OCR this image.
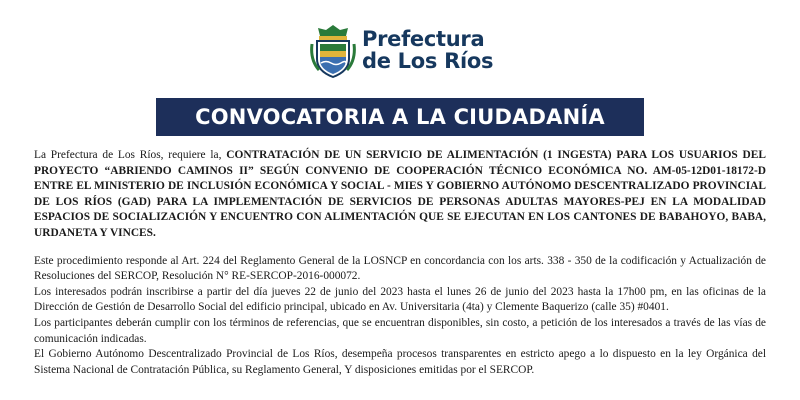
Prefectura
de Los Ríos
CONVOCATORIA A LA CIUDADANÍA

La Prefectura de Los Ríos, requiere la, CONTRATACIÓN DE UN SERVICIO DE ALIMENTACIÓN (1 INGESTA) PARA LOS USUARIOS DEL PROYECTO “ABRIENDO CAMINOS II” SEGÚN CONVENIO DE COOPERACIÓN TÉCNICO ECONÓMICA NO. AM-05-12D01-18172-D ENTRE EL MINISTERIO DE INCLUSIÓN ECONÓMICA Y SOCIAL - MIES Y GOBIERNO AUTÓNOMO DESCENTRALIZADO PROVINCIAL DE LOS RÍOS (GAD) PARA LA IMPLEMENTACIÓN DE SERVICIOS DE PERSONAS ADULTAS MAYORES-PEJ EN LA MODALIDAD ESPACIOS DE SOCIALIZACIÓN Y ENCUENTRO CON ALIMENTACIÓN QUE SE EJECUTAN EN LOS CANTONES DE BABAHOYO, BABA, URDANETA Y VINCES.

Este procedimiento responde al Art. 224 del Reglamento General de la LOSNCP en concordancia con los arts. 338 - 350 de la codificación y Actualización de Resoluciones del SERCOP, Resolución N° RE-SERCOP-2016-000072.

Los interesados podrán inscribirse a partir del día jueves 22 de junio del 2023 hasta el lunes 26 de junio del 2023 hasta la 17h00 pm, en las oficinas de la Dirección de Gestión de Desarrollo Social del edificio principal, ubicado en Av. Universitaria (4ta) y Clemente Baquerizo (calle 35) #0401.

Los participantes deberán cumplir con los términos de referencias, que se encuentran disponibles, sin costo, a petición de los interesados a través de las vías de comunicación indicadas.

El Gobierno Autónomo Descentralizado Provincial de Los Ríos, desempeña procesos transparentes en estricto apego a lo dispuesto en la ley Orgánica del Sistema Nacional de Contratación Pública, su Reglamento General, Y disposiciones emitidas por el SERCOP.
